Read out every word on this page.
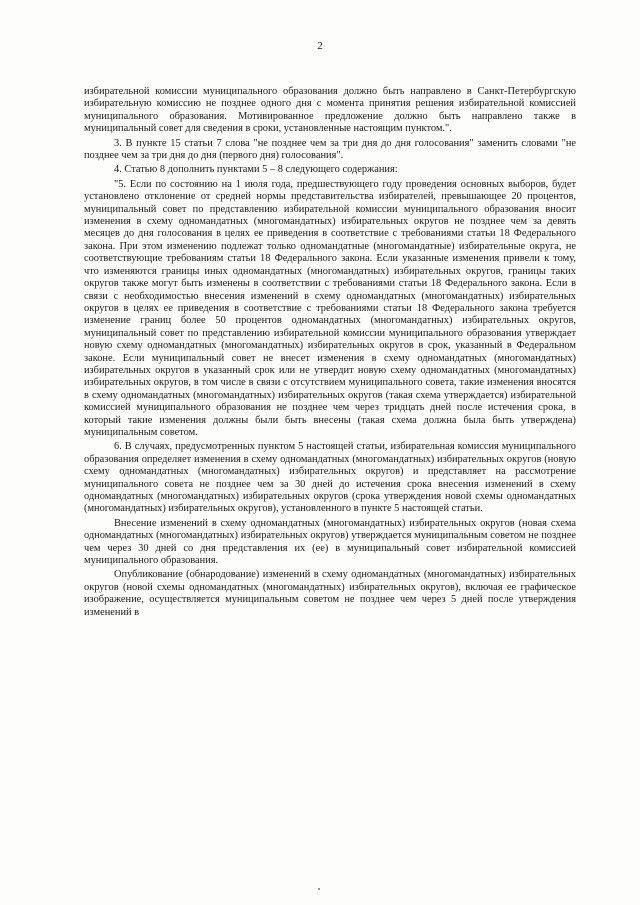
2

избирательной комиссии муниципального образования должно быть направлено в Санкт-Петербургскую избирательную комиссию не позднее одного дня с момента принятия решения избирательной комиссией муниципального образования. Мотивированное предложение должно быть направлено также в муниципальный совет для сведения в сроки, установленные настоящим пунктом.".

3. В пункте 15 статьи 7 слова "не позднее чем за три дня до дня голосования" заменить словами "не позднее чем за три дня до дня (первого дня) голосования".

4. Статью 8 дополнить пунктами 5 – 8 следующего содержания:

"5. Если по состоянию на 1 июля года, предшествующего году проведения основных выборов, будет установлено отклонение от средней нормы представительства избирателей, превышающее 20 процентов, муниципальный совет по представлению избирательной комиссии муниципального образования вносит изменения в схему одномандатных (многомандатных) избирательных округов не позднее чем за девять месяцев до дня голосования в целях ее приведения в соответствие с требованиями статьи 18 Федерального закона. При этом изменению подлежат только одномандатные (многомандатные) избирательные округа, не соответствующие требованиям статьи 18 Федерального закона. Если указанные изменения привели к тому, что изменяются границы иных одномандатных (многомандатных) избирательных округов, границы таких округов также могут быть изменены в соответствии с требованиями статьи 18 Федерального закона. Если в связи с необходимостью внесения изменений в схему одномандатных (многомандатных) избирательных округов в целях ее приведения в соответствие с требованиями статьи 18 Федерального закона требуется изменение границ более 50 процентов одномандатных (многомандатных) избирательных округов, муниципальный совет по представлению избирательной комиссии муниципального образования утверждает новую схему одномандатных (многомандатных) избирательных округов в срок, указанный в Федеральном законе. Если муниципальный совет не внесет изменения в схему одномандатных (многомандатных) избирательных округов в указанный срок или не утвердит новую схему одномандатных (многомандатных) избирательных округов, в том числе в связи с отсутствием муниципального совета, такие изменения вносятся в схему одномандатных (многомандатных) избирательных округов (такая схема утверждается) избирательной комиссией муниципального образования не позднее чем через тридцать дней после истечения срока, в который такие изменения должны были быть внесены (такая схема должна была быть утверждена) муниципальным советом.

6. В случаях, предусмотренных пунктом 5 настоящей статьи, избирательная комиссия муниципального образования определяет изменения в схему одномандатных (многомандатных) избирательных округов (новую схему одномандатных (многомандатных) избирательных округов) и представляет на рассмотрение муниципального совета не позднее чем за 30 дней до истечения срока внесения изменений в схему одномандатных (многомандатных) избирательных округов (срока утверждения новой схемы одномандатных (многомандатных) избирательных округов), установленного в пункте 5 настоящей статьи.

Внесение изменений в схему одномандатных (многомандатных) избирательных округов (новая схема одномандатных (многомандатных) избирательных округов) утверждается муниципальным советом не позднее чем через 30 дней со дня представления их (ее) в муниципальный совет избирательной комиссией муниципального образования.

Опубликование (обнародование) изменений в схему одномандатных (многомандатных) избирательных округов (новой схемы одномандатных (многомандатных) избирательных округов), включая ее графическое изображение, осуществляется муниципальным советом не позднее чем через 5 дней после утверждения изменений в
